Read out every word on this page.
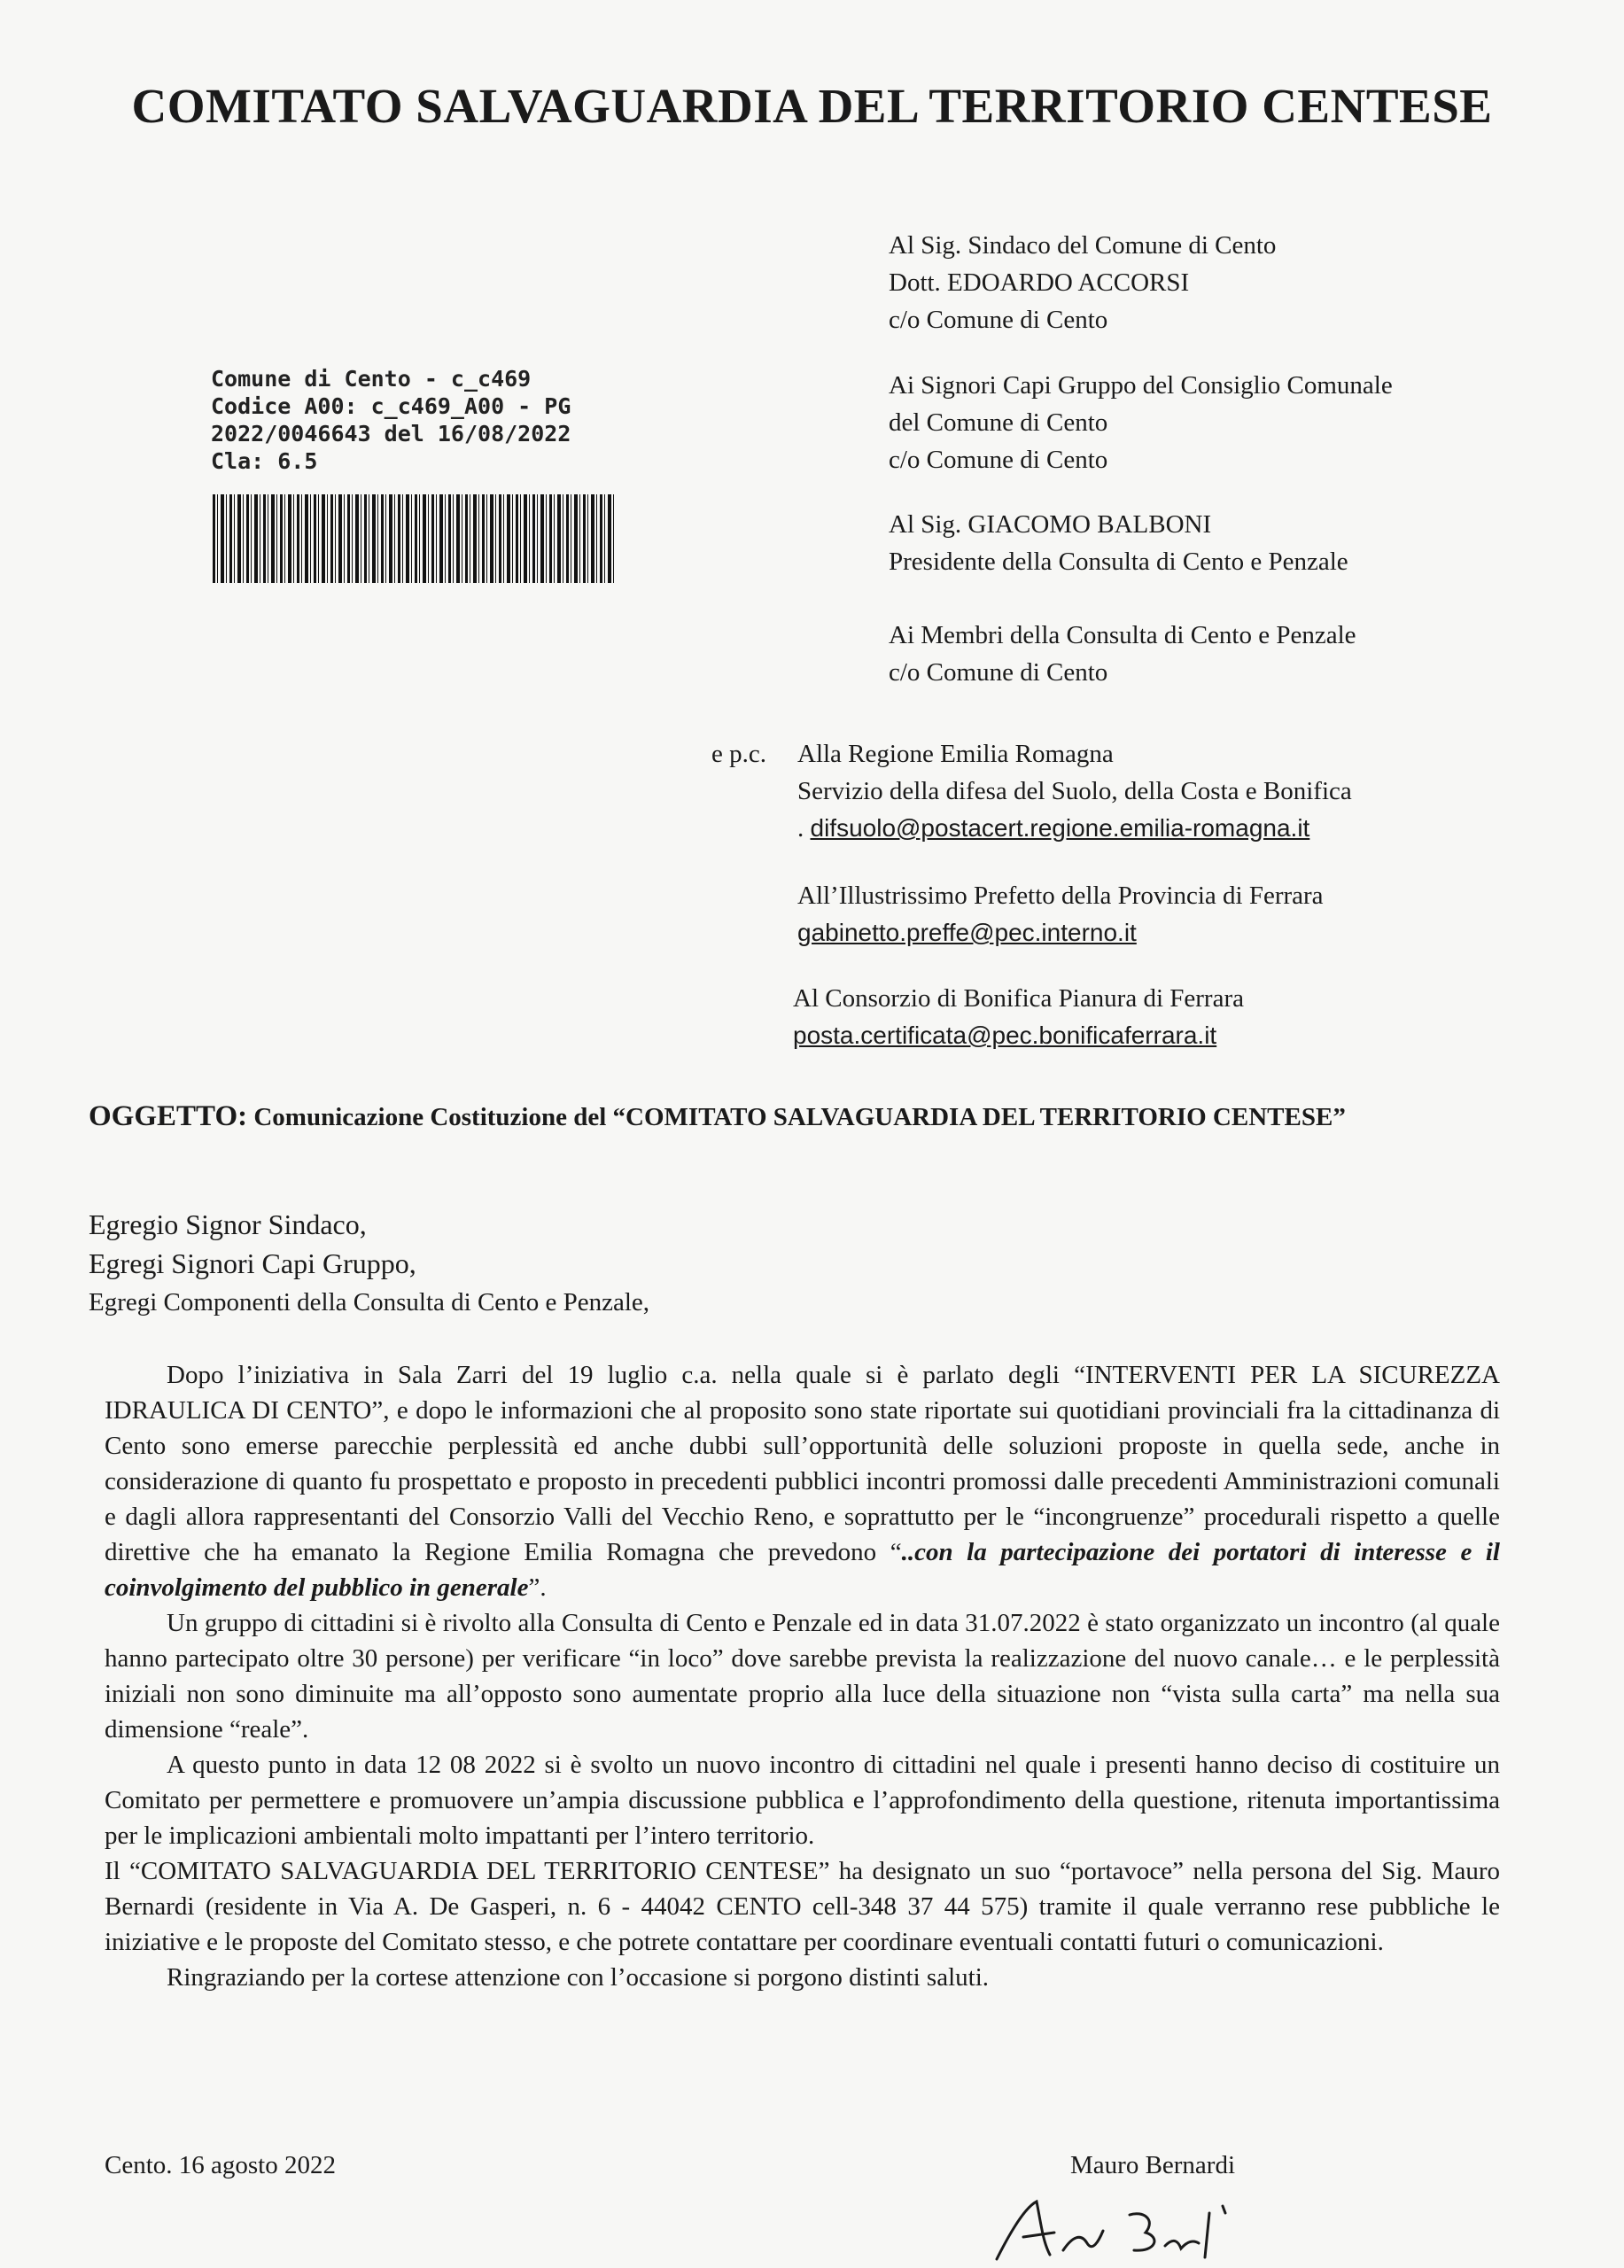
COMITATO SALVAGUARDIA DEL TERRITORIO CENTESE
Comune di Cento - c_c469
Codice A00: c_c469_A00 - PG
2022/0046643 del 16/08/2022
Cla: 6.5
Al Sig. Sindaco del Comune di Cento
Dott. EDOARDO ACCORSI
c/o Comune di Cento
Ai Signori Capi Gruppo del Consiglio Comunale
del Comune di Cento
c/o Comune di Cento
Al Sig. GIACOMO BALBONI
Presidente della Consulta di Cento e Penzale
Ai Membri della Consulta di Cento e Penzale
c/o Comune di Cento
e p.c. Alla Regione Emilia Romagna
Servizio della difesa del Suolo, della Costa e Bonifica
. difsuolo@postacert.regione.emilia-romagna.it
All’Illustrissimo Prefetto della Provincia di Ferrara
gabinetto.preffe@pec.interno.it
Al Consorzio di Bonifica Pianura di Ferrara
posta.certificata@pec.bonificaferrara.it
OGGETTO: Comunicazione Costituzione del “COMITATO SALVAGUARDIA DEL TERRITORIO CENTESE”
Egregio Signor Sindaco,
Egregi Signori Capi Gruppo,
Egregi Componenti della Consulta di Cento e Penzale,

Dopo l’iniziativa in Sala Zarri del 19 luglio c.a. nella quale si è parlato degli “INTERVENTI PER LA SICUREZZA IDRAULICA DI CENTO”, e dopo le informazioni che al proposito sono state riportate sui quotidiani provinciali fra la cittadinanza di Cento sono emerse parecchie perplessità ed anche dubbi sull’opportunità delle soluzioni proposte in quella sede, anche in considerazione di quanto fu prospettato e proposto in precedenti pubblici incontri promossi dalle precedenti Amministrazioni comunali e dagli allora rappresentanti del Consorzio Valli del Vecchio Reno, e soprattutto per le “incongruenze” procedurali rispetto a quelle direttive che ha emanato la Regione Emilia Romagna che prevedono “..con la partecipazione dei portatori di interesse e il coinvolgimento del pubblico in generale”.

Un gruppo di cittadini si è rivolto alla Consulta di Cento e Penzale ed in data 31.07.2022 è stato organizzato un incontro (al quale hanno partecipato oltre 30 persone) per verificare “in loco” dove sarebbe prevista la realizzazione del nuovo canale… e le perplessità iniziali non sono diminuite ma all’opposto sono aumentate proprio alla luce della situazione non “vista sulla carta” ma nella sua dimensione “reale”.

A questo punto in data 12 08 2022 si è svolto un nuovo incontro di cittadini nel quale i presenti hanno deciso di costituire un Comitato per permettere e promuovere un’ampia discussione pubblica e l’approfondimento della questione, ritenuta importantissima per le implicazioni ambientali molto impattanti per l’intero territorio.

Il “COMITATO SALVAGUARDIA DEL TERRITORIO CENTESE” ha designato un suo “portavoce” nella persona del Sig. Mauro Bernardi (residente in Via A. De Gasperi, n. 6 - 44042 CENTO cell-348 37 44 575) tramite il quale verranno rese pubbliche le iniziative e le proposte del Comitato stesso, e che potrete contattare per coordinare eventuali contatti futuri o comunicazioni.

Ringraziando per la cortese attenzione con l’occasione si porgono distinti saluti.

Cento. 16 agosto 2022	Mauro Bernardi
